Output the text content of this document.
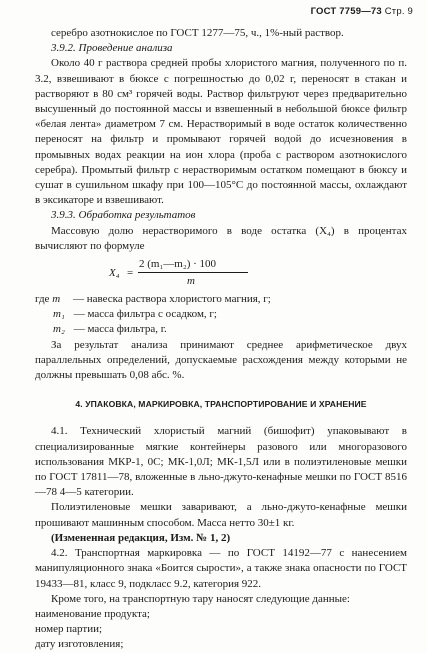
ГОСТ 7759—73 Стр. 9

серебро азотнокислое по ГОСТ 1277—75, ч., 1%-ный раствор.

3.9.2. Проведение анализа

Около 40 г раствора средней пробы хлористого магния, полученного по п. 3.2, взвешивают в бюксе с погрешностью до 0,02 г, переносят в стакан и растворяют в 80 см³ горячей воды. Раствор фильтруют через предварительно высушенный до постоянной массы и взвешенный в небольшой бюксе фильтр «белая лента» диаметром 7 см. Нерастворимый в воде остаток количественно переносят на фильтр и промывают горячей водой до исчезновения в промывных водах реакции на ион хлора (проба с раствором азотнокислого серебра). Промытый фильтр с нерастворимым остатком помещают в бюксу и сушат в сушильном шкафу при 100—105°С до постоянной массы, охлаждают в эксикаторе и взвешивают.

3.9.3. Обработка результатов

Массовую долю нерастворимого в воде остатка (X₄) в процентах вычисляют по формуле

X₄ =
2 (m₁—m₂) · 100
m

где m — навеска раствора хлористого магния, г;

m₁ — масса фильтра с осадком, г;

m₂ — масса фильтра, г.

За результат анализа принимают среднее арифметическое двух параллельных определений, допускаемые расхождения между которыми не должны превышать 0,08 абс. %.

4. УПАКОВКА, МАРКИРОВКА, ТРАНСПОРТИРОВАНИЕ И ХРАНЕНИЕ

4.1. Технический хлористый магний (бишофит) упаковывают в специализированные мягкие контейнеры разового или многоразового использования МКР-1, 0С; МК-1,0Л; МК-1,5Л или в полиэтиленовые мешки по ГОСТ 17811—78, вложенные в льно-джуто-кенафные мешки по ГОСТ 8516—78 4—5 категории.

Полиэтиленовые мешки заваривают, а льно-джуто-кенафные мешки прошивают машинным способом. Масса нетто 30±1 кг.

(Измененная редакция, Изм. № 1, 2)

4.2. Транспортная маркировка — по ГОСТ 14192—77 с нанесением манипуляционного знака «Боится сырости», а также знака опасности по ГОСТ 19433—81, класс 9, подкласс 9.2, категория 922.

Кроме того, на транспортную тару наносят следующие данные:

наименование продукта;

номер партии;

дату изготовления;
